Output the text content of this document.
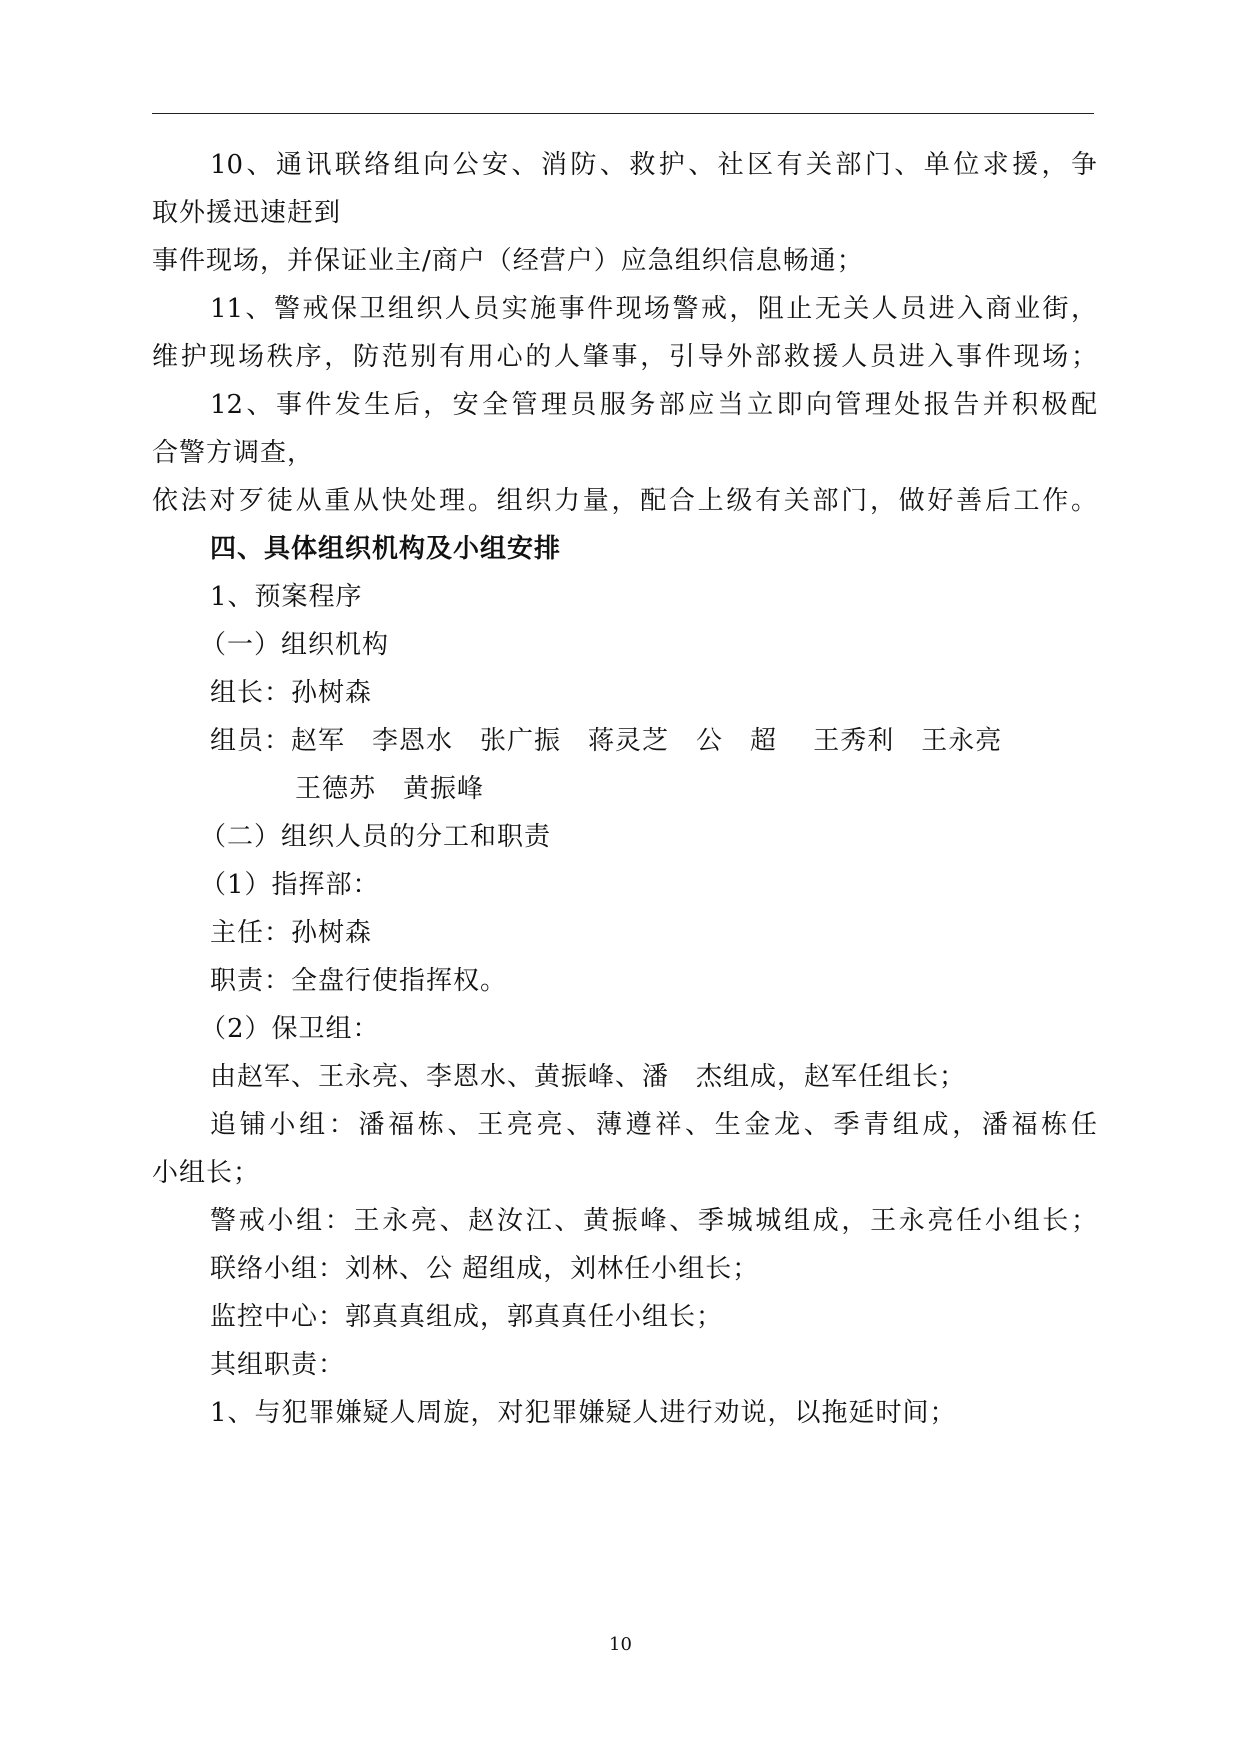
10、通讯联络组向公安、消防、救护、社区有关部门、单位求援，争
取外援迅速赶到
事件现场，并保证业主/商户（经营户）应急组织信息畅通；
11、警戒保卫组织人员实施事件现场警戒，阻止无关人员进入商业街，
维护现场秩序，防范别有用心的人肇事，引导外部救援人员进入事件现场；
12、事件发生后，安全管理员服务部应当立即向管理处报告并积极配
合警方调查，
依法对歹徒从重从快处理。组织力量，配合上级有关部门，做好善后工作。
四、具体组织机构及小组安排
1、预案程序
（一）组织机构
组长：孙树森
组员：赵军　李恩水　张广振　蒋灵芝　公　超　 王秀利　王永亮
王德苏　黄振峰
（二）组织人员的分工和职责
（1）指挥部：
主任：孙树森
职责：全盘行使指挥权。
（2）保卫组：
由赵军、王永亮、李恩水、黄振峰、潘　杰组成，赵军任组长；
追铺小组：潘福栋、王亮亮、薄遵祥、生金龙、季青组成，潘福栋任
小组长；
警戒小组：王永亮、赵汝江、黄振峰、季城城组成，王永亮任小组长；
联络小组：刘林、公 超组成，刘林任小组长；
监控中心：郭真真组成，郭真真任小组长；
其组职责：
1、与犯罪嫌疑人周旋，对犯罪嫌疑人进行劝说，以拖延时间；
10
